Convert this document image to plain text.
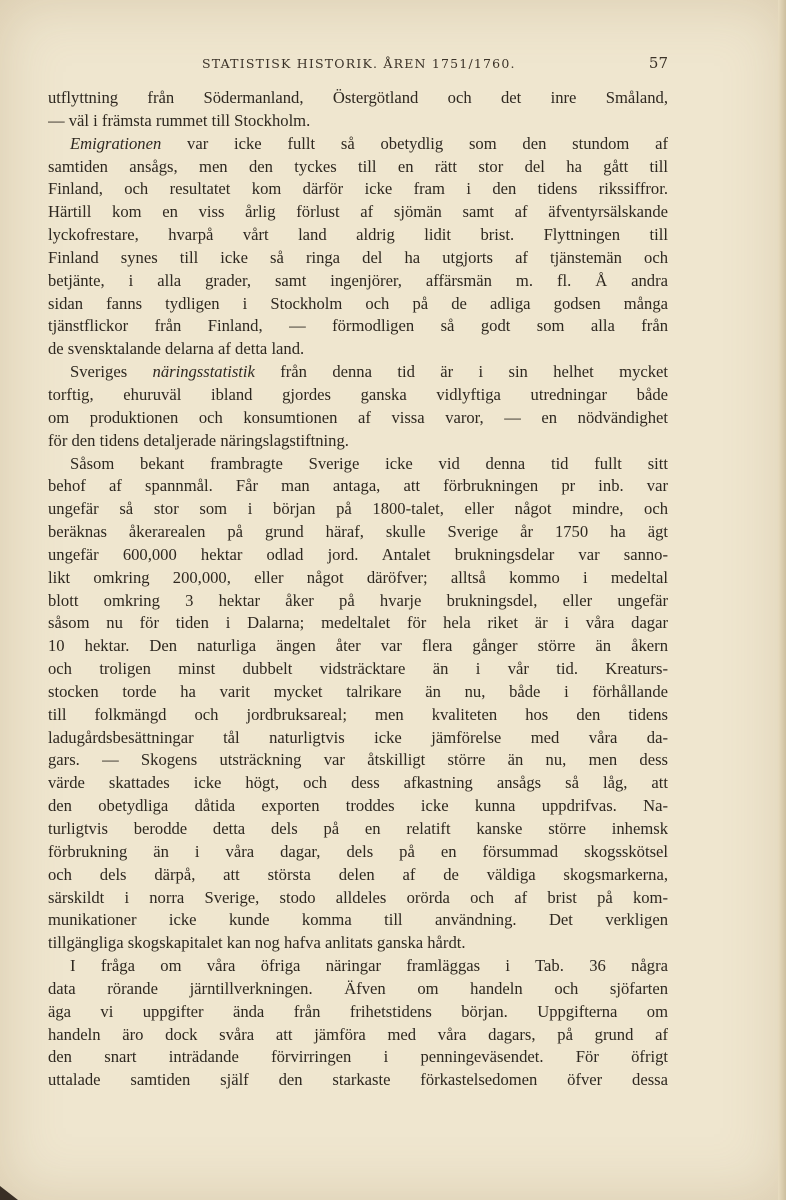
STATISTISK HISTORIK. ÅREN 1751/1760.	57
utflyttning från Södermanland, Östergötland och det inre Småland,
— väl i främsta rummet till Stockholm.
Emigrationen var icke fullt så obetydlig som den stundom af
samtiden ansågs, men den tyckes till en rätt stor del ha gått till
Finland, och resultatet kom därför icke fram i den tidens rikssiffror.
Härtill kom en viss årlig förlust af sjömän samt af äfventyrsälskande
lyckofrestare, hvarpå vårt land aldrig lidit brist. Flyttningen till
Finland synes till icke så ringa del ha utgjorts af tjänstemän och
betjänte, i alla grader, samt ingenjörer, affärsmän m. fl. Å andra
sidan fanns tydligen i Stockholm och på de adliga godsen många
tjänstflickor från Finland, — förmodligen så godt som alla från
de svensktalande delarna af detta land.
Sveriges näringsstatistik från denna tid är i sin helhet mycket
torftig, ehuruväl ibland gjordes ganska vidlyftiga utredningar både
om produktionen och konsumtionen af vissa varor, — en nödvändighet
för den tidens detaljerade näringslagstiftning.
Såsom bekant frambragte Sverige icke vid denna tid fullt sitt
behof af spannmål. Får man antaga, att förbrukningen pr inb. var
ungefär så stor som i början på 1800-talet, eller något mindre, och
beräknas åkerarealen på grund häraf, skulle Sverige år 1750 ha ägt
ungefär 600,000 hektar odlad jord. Antalet brukningsdelar var sanno-
likt omkring 200,000, eller något däröfver; alltså kommo i medeltal
blott omkring 3 hektar åker på hvarje brukningsdel, eller ungefär
såsom nu för tiden i Dalarna; medeltalet för hela riket är i våra dagar
10 hektar. Den naturliga ängen åter var flera gånger större än åkern
och troligen minst dubbelt vidsträcktare än i vår tid. Kreaturs-
stocken torde ha varit mycket talrikare än nu, både i förhållande
till folkmängd och jordbruksareal; men kvaliteten hos den tidens
ladugårdsbesättningar tål naturligtvis icke jämförelse med våra da-
gars. — Skogens utsträckning var åtskilligt större än nu, men dess
värde skattades icke högt, och dess afkastning ansågs så låg, att
den obetydliga dåtida exporten troddes icke kunna uppdrifvas. Na-
turligtvis berodde detta dels på en relatift kanske större inhemsk
förbrukning än i våra dagar, dels på en försummad skogsskötsel
och dels därpå, att största delen af de väldiga skogsmarkerna,
särskildt i norra Sverige, stodo alldeles orörda och af brist på kom-
munikationer icke kunde komma till användning. Det verkligen
tillgängliga skogskapitalet kan nog hafva anlitats ganska hårdt.
I fråga om våra öfriga näringar framläggas i Tab. 36 några
data rörande järntillverkningen. Äfven om handeln och sjöfarten
äga vi uppgifter ända från frihetstidens början. Uppgifterna om
handeln äro dock svåra att jämföra med våra dagars, på grund af
den snart inträdande förvirringen i penningeväsendet. För öfrigt
uttalade samtiden själf den starkaste förkastelsedomen öfver dessa
